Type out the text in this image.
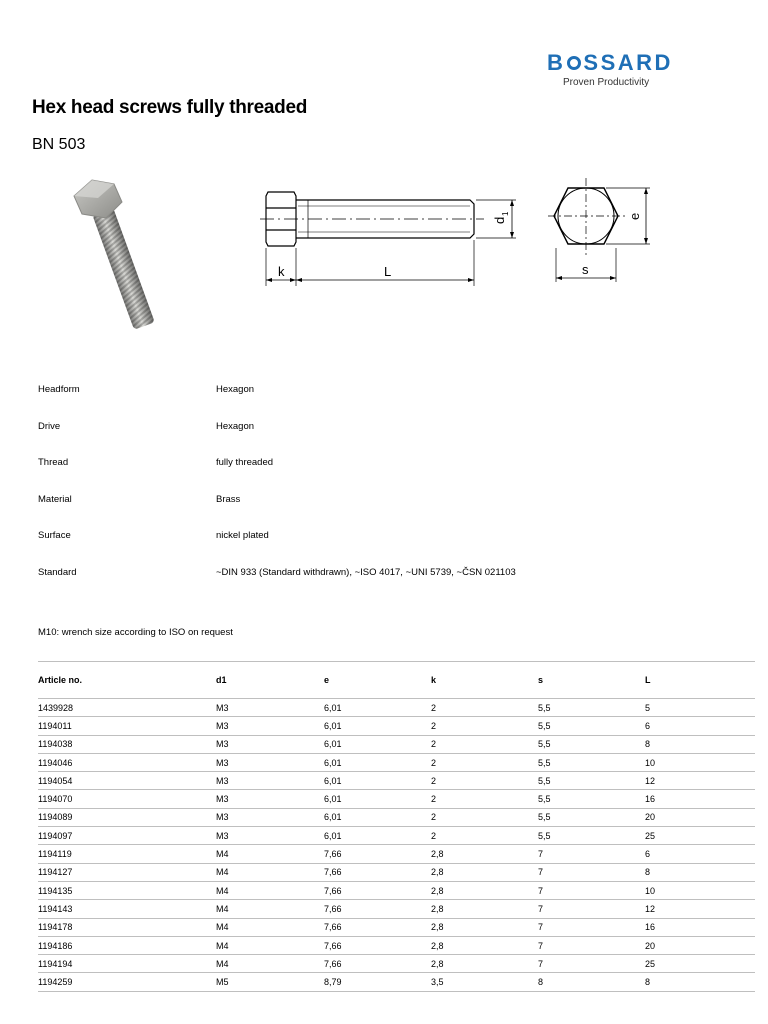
B SSARD
Proven Productivity
Hex head screws fully threaded
BN 503
k	L
d
1	e
s
Headform	Hexagon
Drive	Hexagon
Thread	fully threaded
Material	Brass
Surface	nickel plated
Standard	~DIN 933 (Standard withdrawn), ~ISO 4017, ~UNI 5739, ~ČSN 021103
M10: wrench size according to ISO on request
Article no.	d1	e	k	s	L
1439928	M3	6,01	2	5,5	5
1194011	M3	6,01	2	5,5	6
1194038	M3	6,01	2	5,5	8
1194046	M3	6,01	2	5,5	10
1194054	M3	6,01	2	5,5	12
1194070	M3	6,01	2	5,5	16
1194089	M3	6,01	2	5,5	20
1194097	M3	6,01	2	5,5	25
1194119	M4	7,66	2,8	7	6
1194127	M4	7,66	2,8	7	8
1194135	M4	7,66	2,8	7	10
1194143	M4	7,66	2,8	7	12
1194178	M4	7,66	2,8	7	16
1194186	M4	7,66	2,8	7	20
1194194	M4	7,66	2,8	7	25
1194259	M5	8,79	3,5	8	8
